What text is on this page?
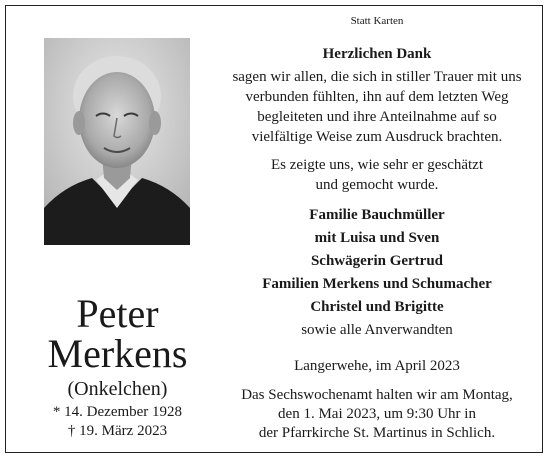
Peter
Merkens
(Onkelchen)
* 14. Dezember 1928
† 19. März 2023
Statt Karten
Herzlichen Dank

sagen wir allen, die sich in stiller Trauer mit uns

verbunden fühlten, ihn auf dem letzten Weg

begleiteten und ihre Anteilnahme auf so

vielfältige Weise zum Ausdruck brachten.

Es zeigte uns, wie sehr er geschätzt

und gemocht wurde.

Familie Bauchmüller
mit Luisa und Sven
Schwägerin Gertrud
Familien Merkens und Schumacher
Christel und Brigitte
sowie alle Anverwandten
Langerwehe, im April 2023

Das Sechswochenamt halten wir am Montag,

den 1. Mai 2023, um 9:30 Uhr in

der Pfarrkirche St. Martinus in Schlich.
